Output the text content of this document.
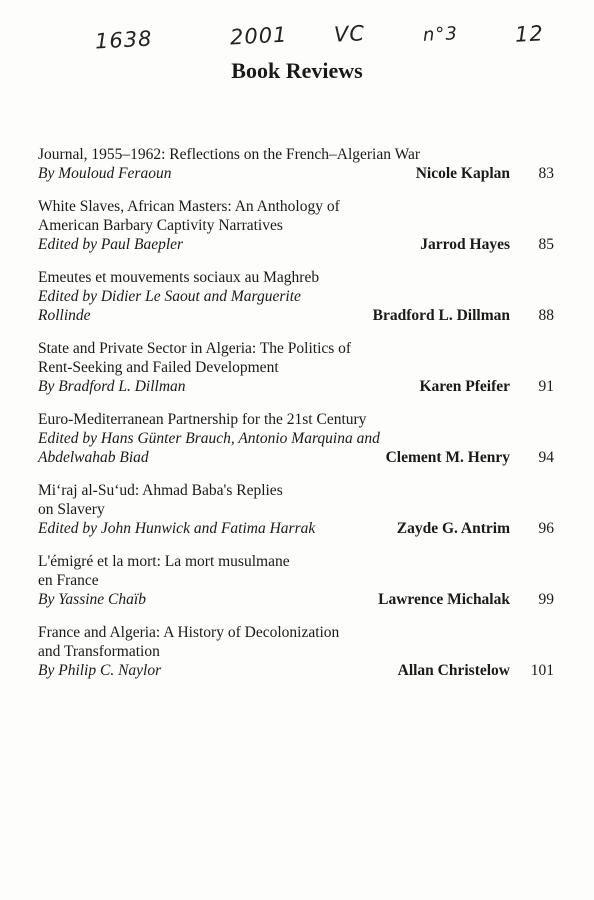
1638	2001 VC	n°3	12
Book Reviews
Journal, 1955–1962: Reflections on the French–Algerian War
By Mouloud Feraoun	Nicole Kaplan	83
White Slaves, African Masters: An Anthology of
American Barbary Captivity Narratives
Edited by Paul Baepler	Jarrod Hayes	85
Emeutes et mouvements sociaux au Maghreb
Edited by Didier Le Saout and Marguerite
Rollinde	Bradford L. Dillman	88
State and Private Sector in Algeria: The Politics of
Rent-Seeking and Failed Development
By Bradford L. Dillman	Karen Pfeifer	91
Euro-Mediterranean Partnership for the 21st Century
Edited by Hans Günter Brauch, Antonio Marquina and
Abdelwahab Biad	Clement M. Henry	94
Mi‘raj al-Su‘ud: Ahmad Baba's Replies
on Slavery
Edited by John Hunwick and Fatima Harrak	Zayde G. Antrim	96
L'émigré et la mort: La mort musulmane
en France
By Yassine Chaïb	Lawrence Michalak	99
France and Algeria: A History of Decolonization
and Transformation
By Philip C. Naylor	Allan Christelow	101
